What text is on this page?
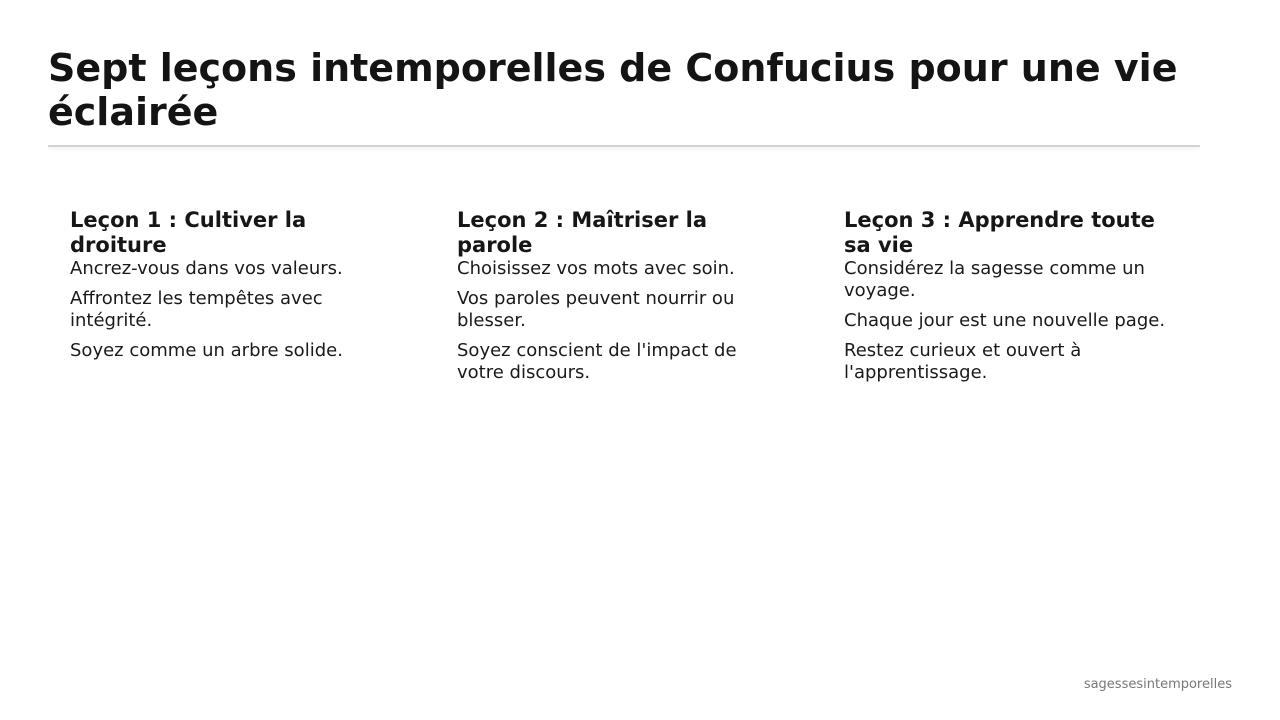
Sept leçons intemporelles de Confucius pour une vie éclairée
Leçon 1 : Cultiver la droiture

Ancrez-vous dans vos valeurs.

Affrontez les tempêtes avec intégrité.

Soyez comme un arbre solide.

Leçon 2 : Maîtriser la parole

Choisissez vos mots avec soin.

Vos paroles peuvent nourrir ou blesser.

Soyez conscient de l'impact de votre discours.

Leçon 3 : Apprendre toute sa vie

Considérez la sagesse comme un voyage.

Chaque jour est une nouvelle page.

Restez curieux et ouvert à l'apprentissage.

sagessesintemporelles
